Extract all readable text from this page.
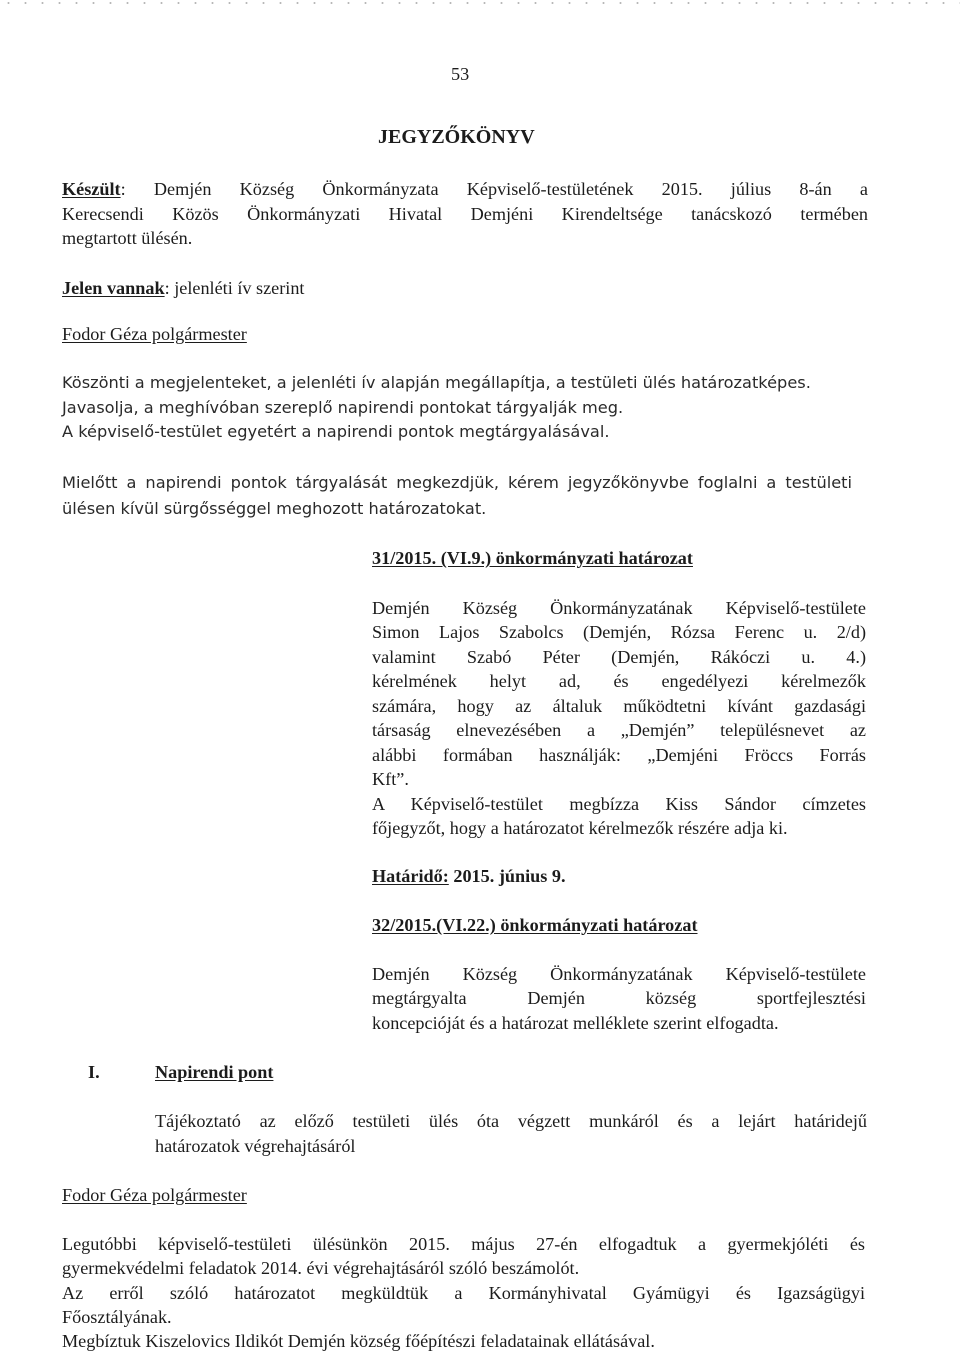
53
JEGYZŐKÖNYV
Készült: Demjén Község Önkormányzata Képviselő-testületének 2015. július 8-án a
Kerecsendi Közös Önkormányzati Hivatal Demjéni Kirendeltsége tanácskozó termében
megtartott ülésén.
Jelen vannak: jelenléti ív szerint
Fodor Géza polgármester
Köszönti a megjelenteket, a jelenléti ív alapján megállapítja, a testületi ülés határozatképes.
Javasolja, a meghívóban szereplő napirendi pontokat tárgyalják meg.
A képviselő-testület egyetért a napirendi pontok megtárgyalásával.
Mielőtt a napirendi pontok tárgyalását megkezdjük, kérem jegyzőkönyvbe foglalni a testületi
ülésen kívül sürgősséggel meghozott határozatokat.
31/2015. (VI.9.) önkormányzati határozat
Demjén Község Önkormányzatának Képviselő-testülete
Simon Lajos Szabolcs (Demjén, Rózsa Ferenc u. 2/d)
valamint Szabó Péter (Demjén, Rákóczi u. 4.)
kérelmének helyt ad, és engedélyezi kérelmezők
számára, hogy az általuk működtetni kívánt gazdasági
társaság elnevezésében a „Demjén” településnevet az
alábbi formában használják: „Demjéni Fröccs Forrás
Kft”.
A Képviselő-testület megbízza Kiss Sándor címzetes
főjegyzőt, hogy a határozatot kérelmezők részére adja ki.
Határidő: 2015. június 9.
32/2015.(VI.22.) önkormányzati határozat
Demjén Község Önkormányzatának Képviselő-testülete
megtárgyalta Demjén község sportfejlesztési
koncepcióját és a határozat melléklete szerint elfogadta.
I.	Napirendi pont
Tájékoztató az előző testületi ülés óta végzett munkáról és a lejárt határidejű
határozatok végrehajtásáról
Fodor Géza polgármester
Legutóbbi képviselő-testületi ülésünkön 2015. május 27-én elfogadtuk a gyermekjóléti és
gyermekvédelmi feladatok 2014. évi végrehajtásáról szóló beszámolót.
Az erről szóló határozatot megküldtük a Kormányhivatal Gyámügyi és Igazságügyi
Főosztályának.
Megbíztuk Kiszelovics Ildikót Demjén község főépítészi feladatainak ellátásával.
